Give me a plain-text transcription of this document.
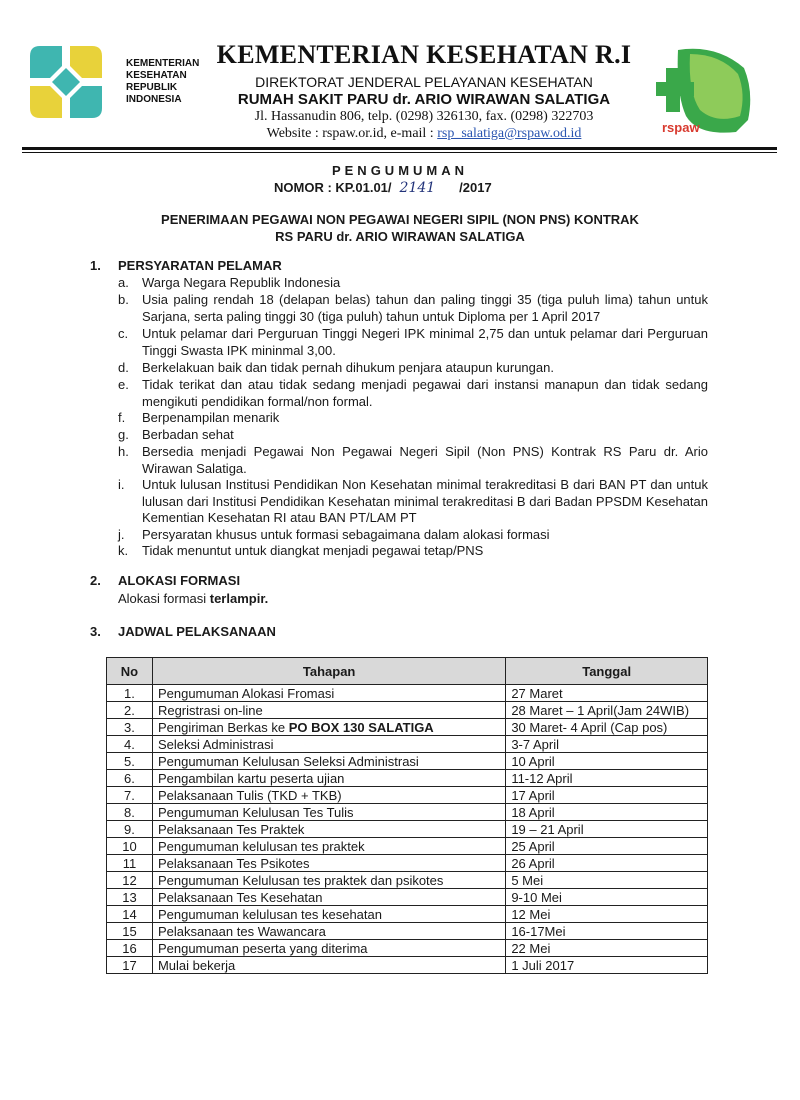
KEMENTERIAN
KESEHATAN
REPUBLIK
INDONESIA
KEMENTERIAN KESEHATAN R.I
DIREKTORAT JENDERAL PELAYANAN KESEHATAN
RUMAH SAKIT PARU dr. ARIO WIRAWAN SALATIGA
Jl. Hassanudin 806, telp. (0298) 326130, fax. (0298) 322703
Website : rspaw.or.id, e-mail : rsp_salatiga@rspaw.od.id	rspaw
PENGUMUMAN
NOMOR : KP.01.01/ 2141 /2017
PENERIMAAN PEGAWAI NON PEGAWAI NEGERI SIPIL (NON PNS) KONTRAK
RS PARU dr. ARIO WIRAWAN SALATIGA
1. PERSYARATAN PELAMAR
a.	Warga Negara Republik Indonesia
b.	Usia paling rendah 18 (delapan belas) tahun dan paling tinggi 35 (tiga puluh lima) tahun untuk Sarjana, serta paling tinggi 30 (tiga puluh) tahun untuk Diploma per 1 April 2017
c.	Untuk pelamar dari Perguruan Tinggi Negeri IPK minimal 2,75 dan untuk pelamar dari Perguruan Tinggi Swasta IPK mininmal 3,00.
d.	Berkelakuan baik dan tidak pernah dihukum penjara ataupun kurungan.
e.	Tidak terikat dan atau tidak sedang menjadi pegawai dari instansi manapun dan tidak sedang mengikuti pendidikan formal/non formal.
f.	Berpenampilan menarik
g.	Berbadan sehat
h.	Bersedia menjadi Pegawai Non Pegawai Negeri Sipil (Non PNS) Kontrak RS Paru dr. Ario Wirawan Salatiga.
i.	Untuk lulusan Institusi Pendidikan Non Kesehatan minimal terakreditasi B dari BAN PT dan untuk lulusan dari Institusi Pendidikan Kesehatan minimal terakreditasi B dari Badan PPSDM Kesehatan Kementian Kesehatan RI atau BAN PT/LAM PT
j.	Persyaratan khusus untuk formasi sebagaimana dalam alokasi formasi
k.	Tidak menuntut untuk diangkat menjadi pegawai tetap/PNS
2. ALOKASI FORMASI
Alokasi formasi terlampir.
3. JADWAL PELAKSANAAN
No	Tahapan	Tanggal
1.	Pengumuman Alokasi Fromasi	27 Maret
2.	Regristrasi on-line	28 Maret – 1 April(Jam 24WIB)
3.	Pengiriman Berkas ke PO BOX 130 SALATIGA	30 Maret- 4 April (Cap pos)
4.	Seleksi Administrasi	3-7 April
5.	Pengumuman Kelulusan Seleksi Administrasi	10 April
6.	Pengambilan kartu peserta ujian	11-12 April
7.	Pelaksanaan Tulis (TKD + TKB)	17 April
8.	Pengumuman Kelulusan Tes Tulis	18 April
9.	Pelaksanaan Tes Praktek	19 – 21 April
10	Pengumuman kelulusan tes praktek	25 April
11	Pelaksanaan Tes Psikotes	26 April
12	Pengumuman Kelulusan tes praktek dan psikotes	5 Mei
13	Pelaksanaan Tes Kesehatan	9-10 Mei
14	Pengumuman kelulusan tes kesehatan	12 Mei
15	Pelaksanaan tes Wawancara	16-17Mei
16	Pengumuman peserta yang diterima	22 Mei
17	Mulai bekerja	1 Juli 2017
